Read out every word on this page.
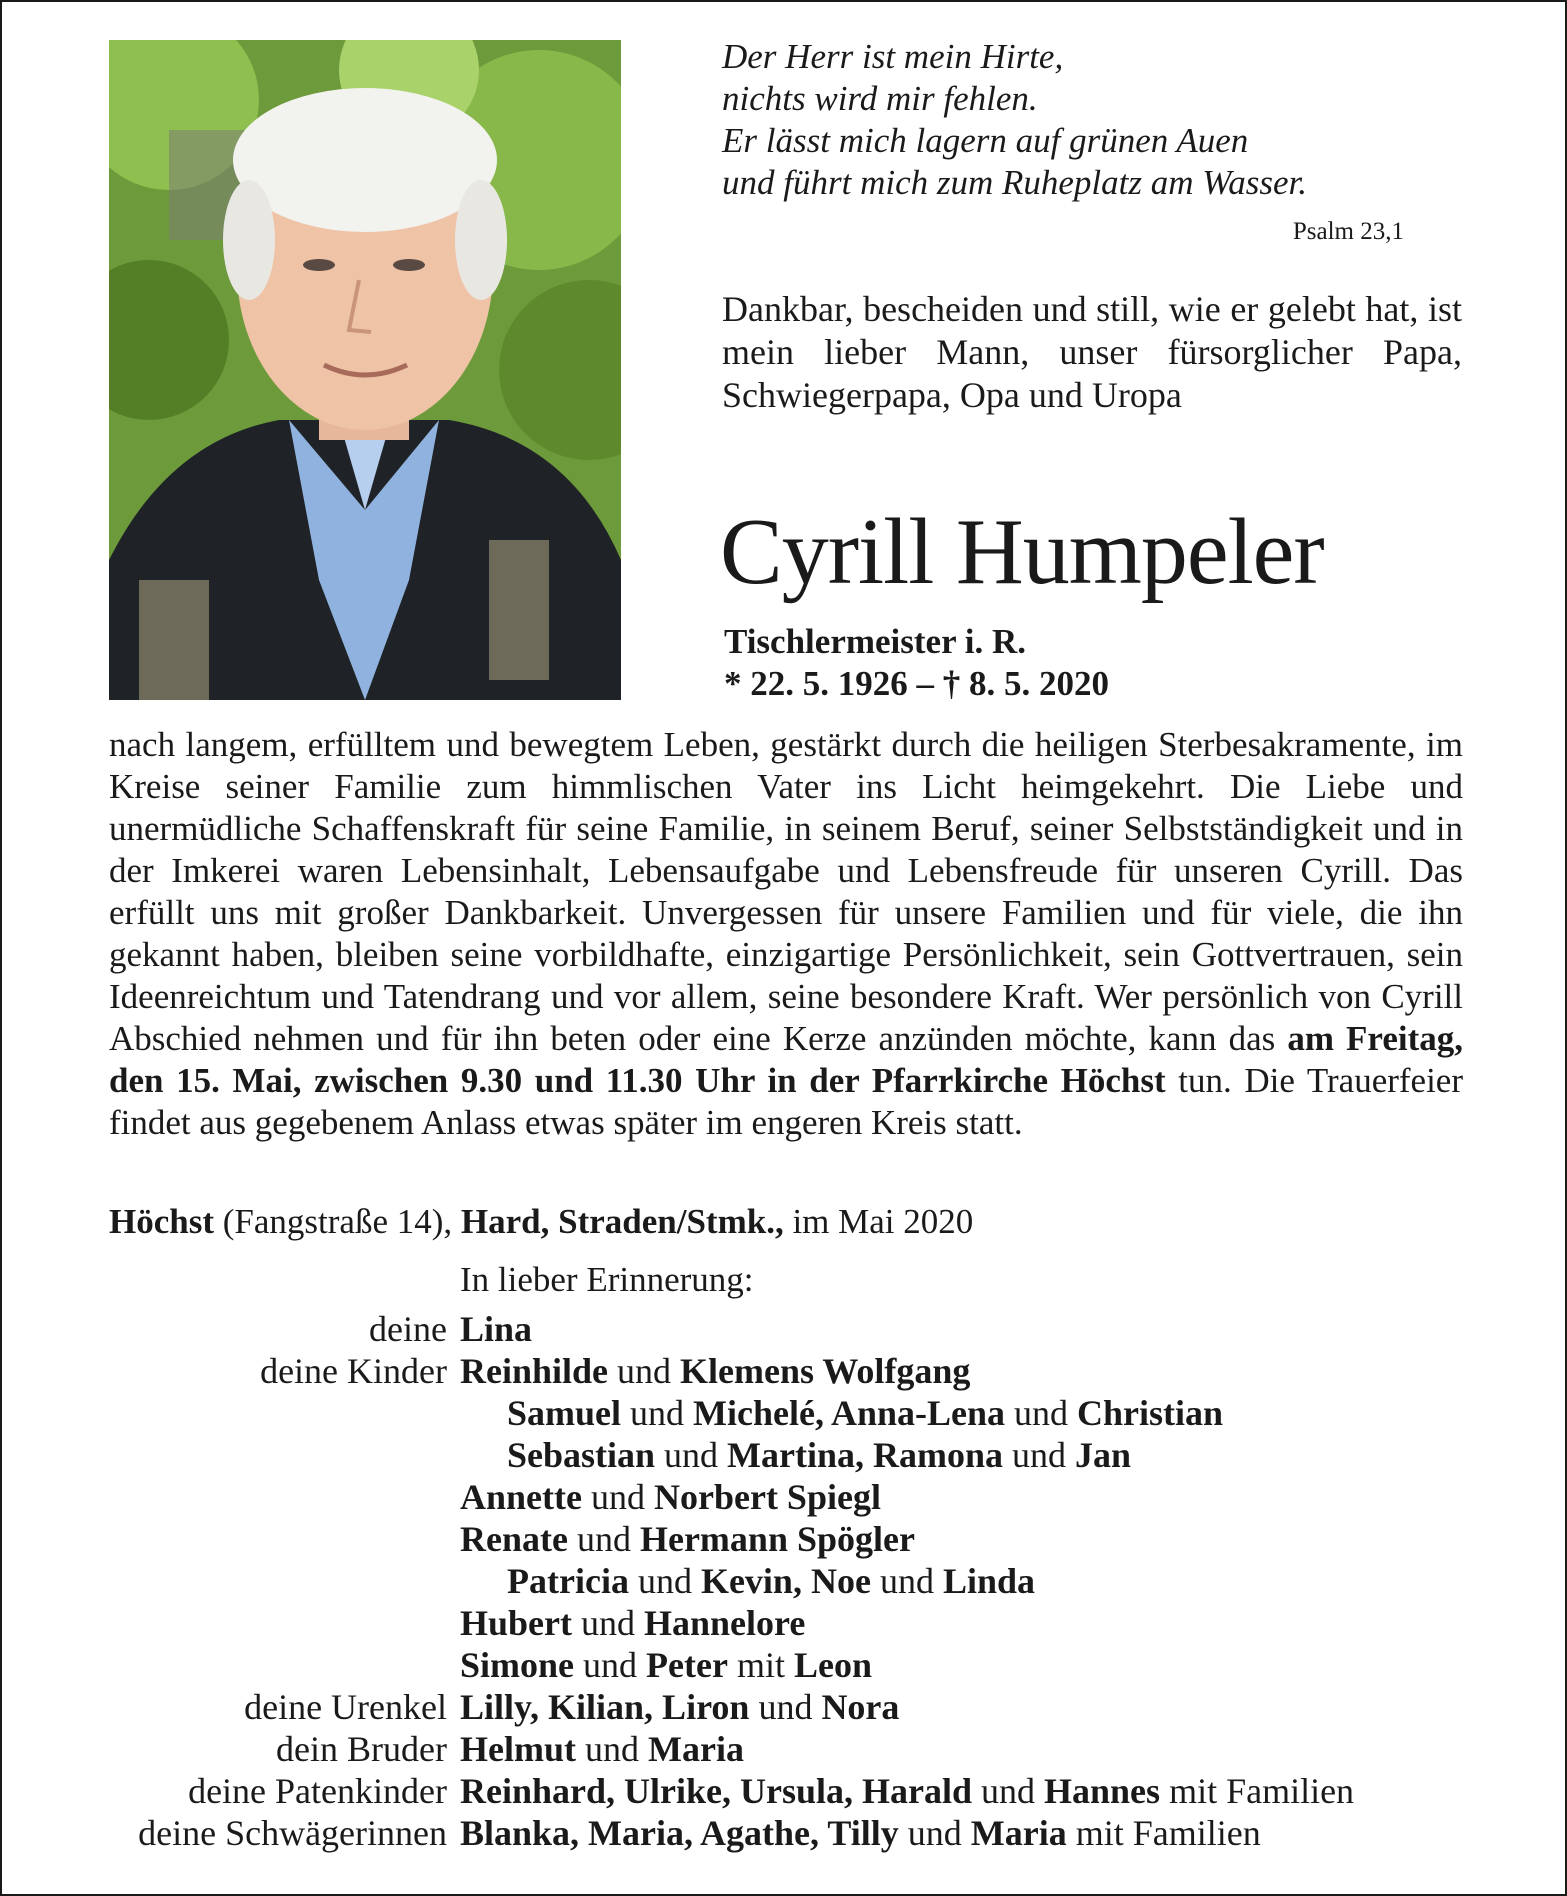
Der Herr ist mein Hirte,
nichts wird mir fehlen.
Er lässt mich lagern auf grünen Auen
und führt mich zum Ruheplatz am Wasser.
Psalm 23,1
Dankbar, bescheiden und still, wie er gelebt hat, ist mein lieber Mann, unser fürsorglicher Papa, Schwiegerpapa, Opa und Uropa
Cyrill Humpeler
Tischlermeister i. R.
* 22. 5. 1926 – † 8. 5. 2020
nach langem, erfülltem und bewegtem Leben, gestärkt durch die heiligen Sterbesakramente, im Kreise seiner Familie zum himmlischen Vater ins Licht heimgekehrt. Die Liebe und unermüdliche Schaffenskraft für seine Familie, in seinem Beruf, seiner Selbstständigkeit und in der Imkerei waren Lebensinhalt, Lebensaufgabe und Lebensfreude für unseren Cyrill. Das erfüllt uns mit großer Dankbarkeit. Unvergessen für unsere Familien und für viele, die ihn gekannt haben, bleiben seine vorbildhafte, einzigartige Persönlichkeit, sein Gottvertrauen, sein Ideenreichtum und Tatendrang und vor allem, seine besondere Kraft. Wer persönlich von Cyrill Abschied nehmen und für ihn beten oder eine Kerze anzünden möchte, kann das am Freitag, den 15. Mai, zwischen 9.30 und 11.30 Uhr in der Pfarrkirche Höchst tun. Die Trauerfeier findet aus gegebenem Anlass etwas später im engeren Kreis statt.
Höchst (Fangstraße 14), Hard, Straden/Stmk., im Mai 2020
In lieber Erinnerung:
deine Lina
deine Kinder Reinhilde und Klemens Wolfgang
Samuel und Michelé, Anna-Lena und Christian
Sebastian und Martina, Ramona und Jan
Annette und Norbert Spiegl
Renate und Hermann Spögler
Patricia und Kevin, Noe und Linda
Hubert und Hannelore
Simone und Peter mit Leon
deine Urenkel Lilly, Kilian, Liron und Nora
dein Bruder Helmut und Maria
deine Patenkinder Reinhard, Ulrike, Ursula, Harald und Hannes mit Familien
deine Schwägerinnen Blanka, Maria, Agathe, Tilly und Maria mit Familien
